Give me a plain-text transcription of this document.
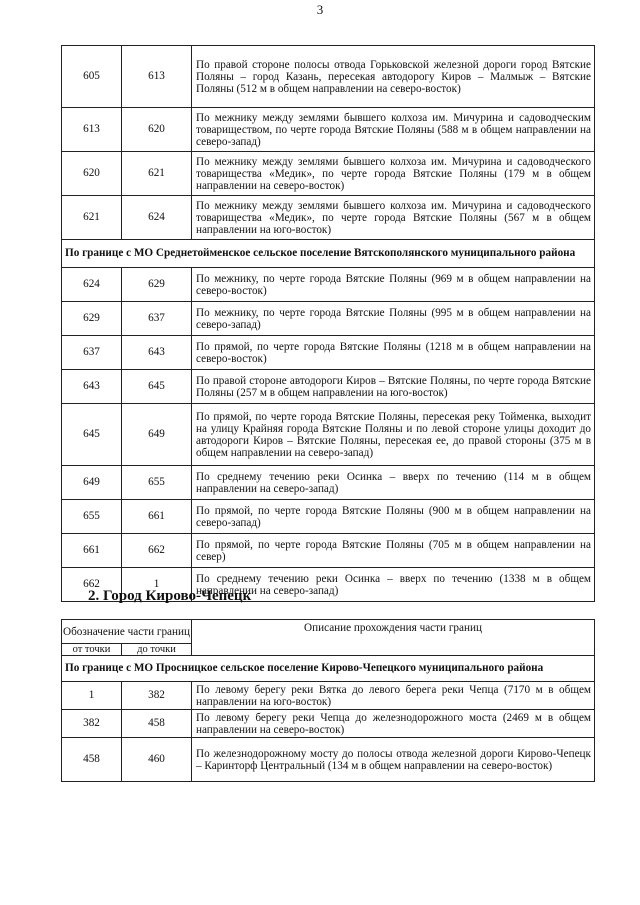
3
605	613	По правой стороне полосы отвода Горьковской железной дороги город Вятские Поляны – город Казань, пересекая автодорогу Киров – Малмыж – Вятские Поляны (512 м в общем направлении на северо-восток)
613	620	По межнику между землями бывшего колхоза им. Мичурина и садоводческим товариществом, по черте города Вятские Поляны (588 м в общем направлении на северо-запад)
620	621	По межнику между землями бывшего колхоза им. Мичурина и садоводческого товарищества «Медик», по черте города Вятские Поляны (179 м в общем направлении на северо-восток)
621	624	По межнику между землями бывшего колхоза им. Мичурина и садоводческого товарищества «Медик», по черте города Вятские Поляны (567 м в общем направлении на юго-восток)
По границе с МО Среднетойменское сельское поселение Вятскополянского муниципального района		
624	629	По межнику, по черте города Вятские Поляны (969 м в общем направлении на северо-восток)
629	637	По межнику, по черте города Вятские Поляны (995 м в общем направлении на северо-запад)
637	643	По прямой, по черте города Вятские Поляны (1218 м в общем направлении на северо-восток)
643	645	По правой стороне автодороги Киров – Вятские Поляны, по черте города Вятские Поляны (257 м в общем направлении на юго-восток)
645	649	По прямой, по черте города Вятские Поляны, пересекая реку Тойменка, выходит на улицу Крайняя города Вятские Поляны и по левой стороне улицы доходит до автодороги Киров – Вятские Поляны, пересекая ее, до правой стороны (375 м в общем направлении на северо-запад)
649	655	По среднему течению реки Осинка – вверх по течению (114 м в общем направлении на северо-запад)
655	661	По прямой, по черте города Вятские Поляны (900 м в общем направлении на северо-запад)
661	662	По прямой, по черте города Вятские Поляны (705 м в общем направлении на север)
662	1	По среднему течению реки Осинка – вверх по течению (1338 м в общем направлении на северо-запад)
2. Город Кирово-Чепецк
Обозначение части границ		Описание прохождения части границ
от точки	до точки	
По границе с МО Просницкое сельское поселение Кирово-Чепецкого муниципального района		
1	382	По левому берегу реки Вятка до левого берега реки Чепца (7170 м в общем направлении на юго-восток)
382	458	По левому берегу реки Чепца до железнодорожного моста (2469 м в общем направлении на северо-восток)
458	460	По железнодорожному мосту до полосы отвода железной дороги Кирово-Чепецк – Каринторф Центральный (134 м в общем направлении на северо-восток)
